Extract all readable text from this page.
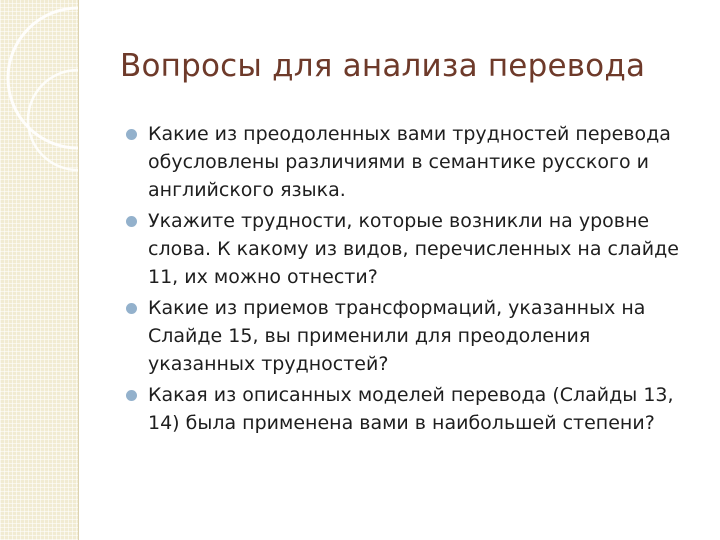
Вопросы для анализа перевода
Какие из преодоленных вами трудностей перевода обусловлены различиями в семантике русского и английского языка.
Укажите трудности, которые возникли на уровне слова. К какому из видов, перечисленных на слайде 11, их можно отнести?
Какие из приемов трансформаций, указанных на Слайде 15, вы применили для преодоления указанных трудностей?
Какая из описанных моделей перевода (Слайды 13, 14) была применена вами в наибольшей степени?
